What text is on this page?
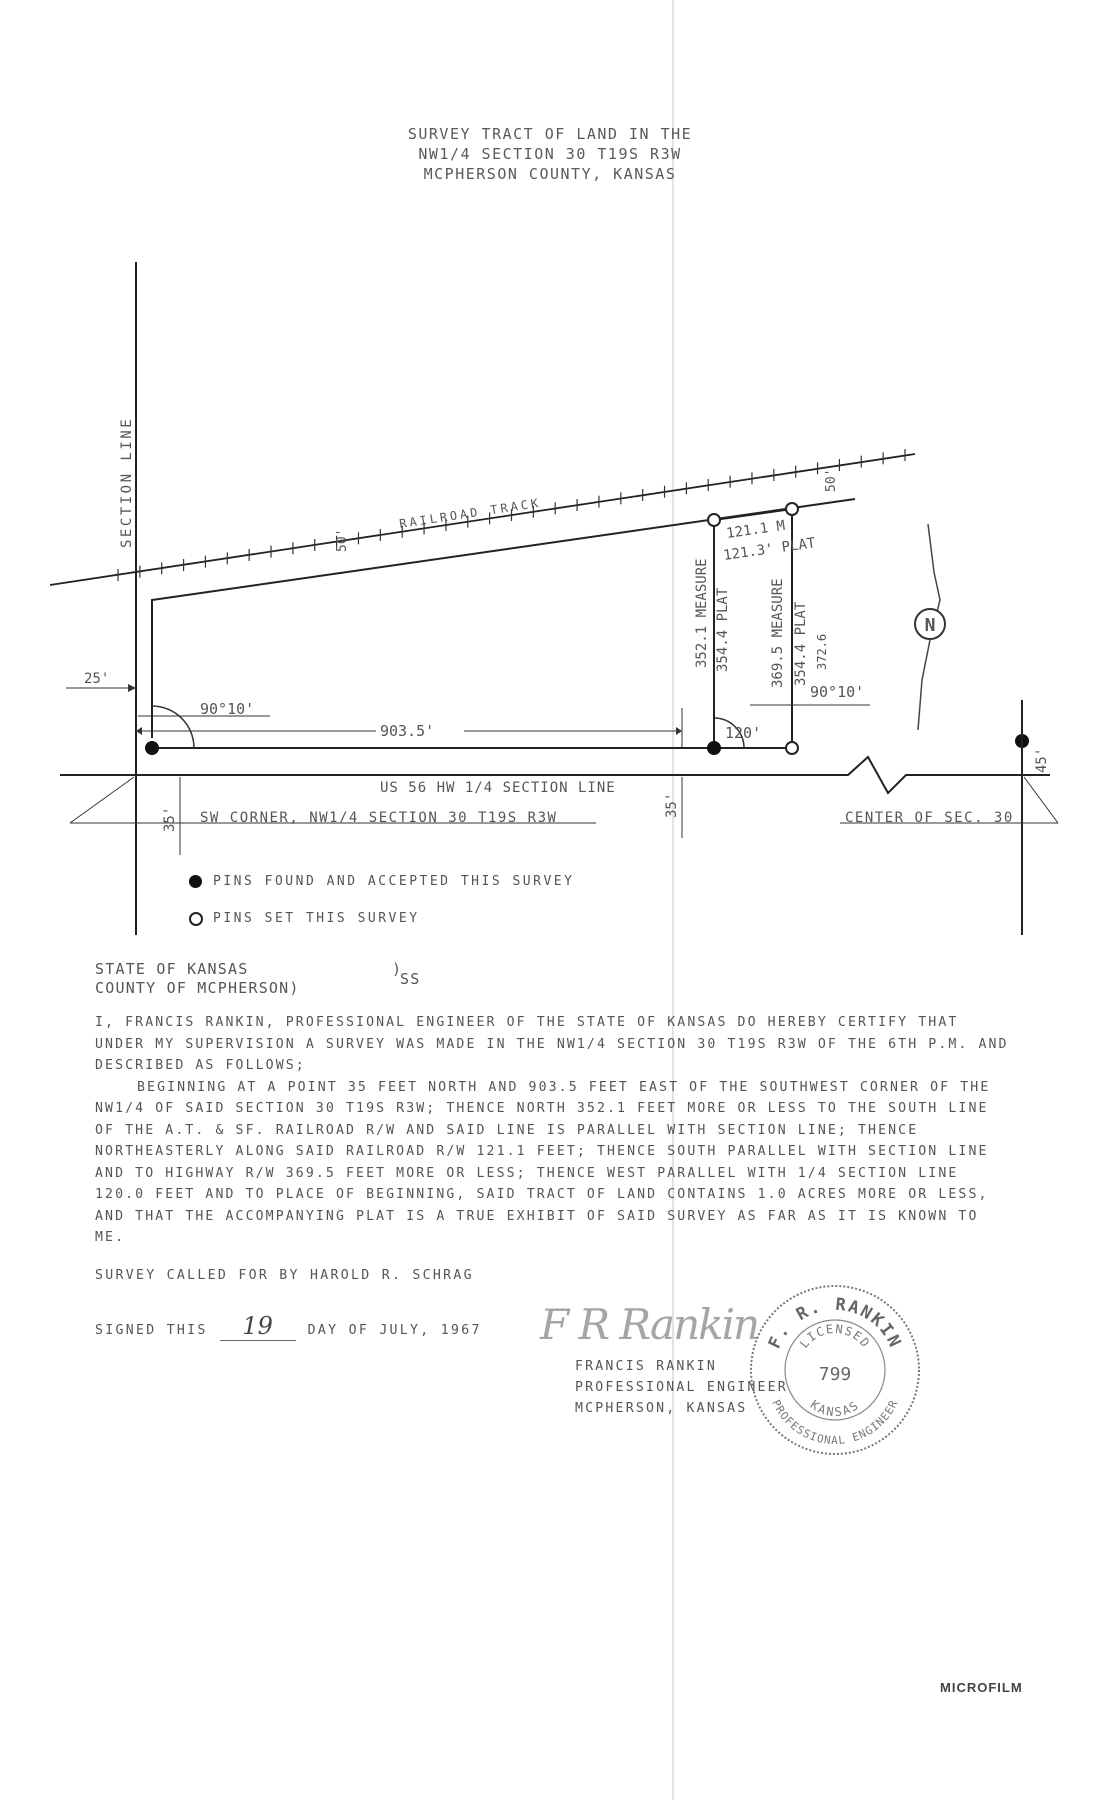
SURVEY TRACT OF LAND IN THE
NW1/4 SECTION 30 T19S R3W
MCPHERSON COUNTY, KANSAS
SECTION LINE	RAILROAD TRACK
50'
50'
25'
903.5'
90°10'
90°10'
120'
121.1 M
121.3' PLAT
352.1 MEASURE 354.4 PLAT	369.5 MEASURE 354.4 PLAT 372.6
US 56 HW 1/4 SECTION LINE
35'
35'
45'
SW CORNER, NW1/4 SECTION 30 T19S R3W	CENTER OF SEC. 30
N
PINS FOUND AND ACCEPTED THIS SURVEY
PINS SET THIS SURVEY
STATE OF KANSAS
COUNTY OF MCPHERSON)
)
SS

I, FRANCIS RANKIN, PROFESSIONAL ENGINEER OF THE STATE OF KANSAS DO HEREBY CERTIFY THAT UNDER MY SUPERVISION A SURVEY WAS MADE IN THE NW1/4 SECTION 30 T19S R3W OF THE 6TH P.M. AND DESCRIBED AS FOLLOWS;

BEGINNING AT A POINT 35 FEET NORTH AND 903.5 FEET EAST OF THE SOUTHWEST CORNER OF THE NW1/4 OF SAID SECTION 30 T19S R3W; THENCE NORTH 352.1 FEET MORE OR LESS TO THE SOUTH LINE OF THE A.T. & SF. RAILROAD R/W AND SAID LINE IS PARALLEL WITH SECTION LINE; THENCE NORTHEASTERLY ALONG SAID RAILROAD R/W 121.1 FEET; THENCE SOUTH PARALLEL WITH SECTION LINE AND TO HIGHWAY R/W 369.5 FEET MORE OR LESS; THENCE WEST PARALLEL WITH 1/4 SECTION LINE 120.0 FEET AND TO PLACE OF BEGINNING, SAID TRACT OF LAND CONTAINS 1.0 ACRES MORE OR LESS, AND THAT THE ACCOMPANYING PLAT IS A TRUE EXHIBIT OF SAID SURVEY AS FAR AS IT IS KNOWN TO ME.

SURVEY CALLED FOR BY HAROLD R. SCHRAG
SIGNED THIS 19	DAY OF JULY, 1967 F R Rankin
FRANCIS RANKIN
PROFESSIONAL ENGINEER
MCPHERSON, KANSAS
F. R. RANKIN
LICENSED
799
KANSAS
PROFESSIONAL ENGINEER
MICROFILM
